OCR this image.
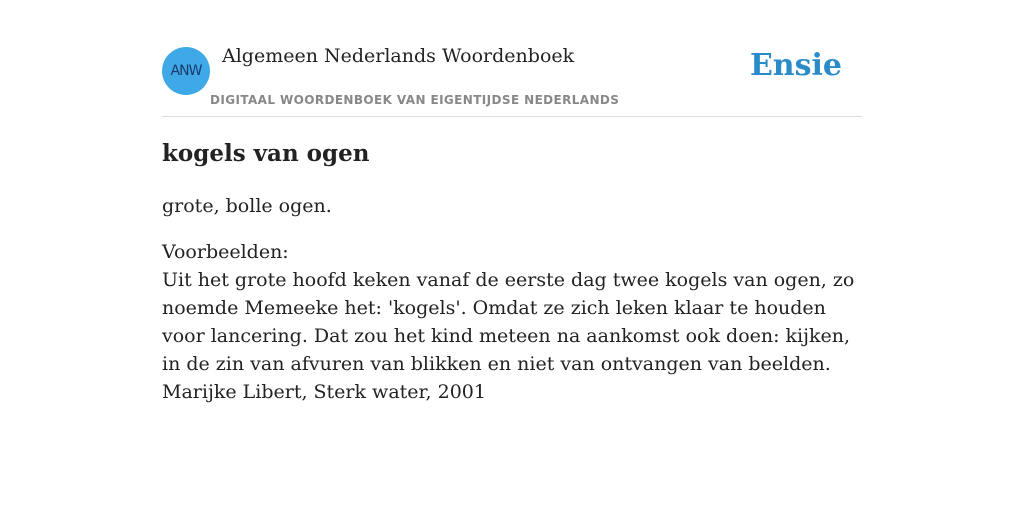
ANW
Algemeen Nederlands Woordenboek
DIGITAAL WOORDENBOEK VAN EIGENTIJDSE NEDERLANDS
Ensie
kogels van ogen

grote, bolle ogen.

Voorbeelden:

Uit het grote hoofd keken vanaf de eerste dag twee kogels van ogen, zo noemde Memeeke het: 'kogels'. Omdat ze zich leken klaar te houden voor lancering. Dat zou het kind meteen na aankomst ook doen: kijken, in de zin van afvuren van blikken en niet van ontvangen van beelden.

Marijke Libert, Sterk water, 2001
